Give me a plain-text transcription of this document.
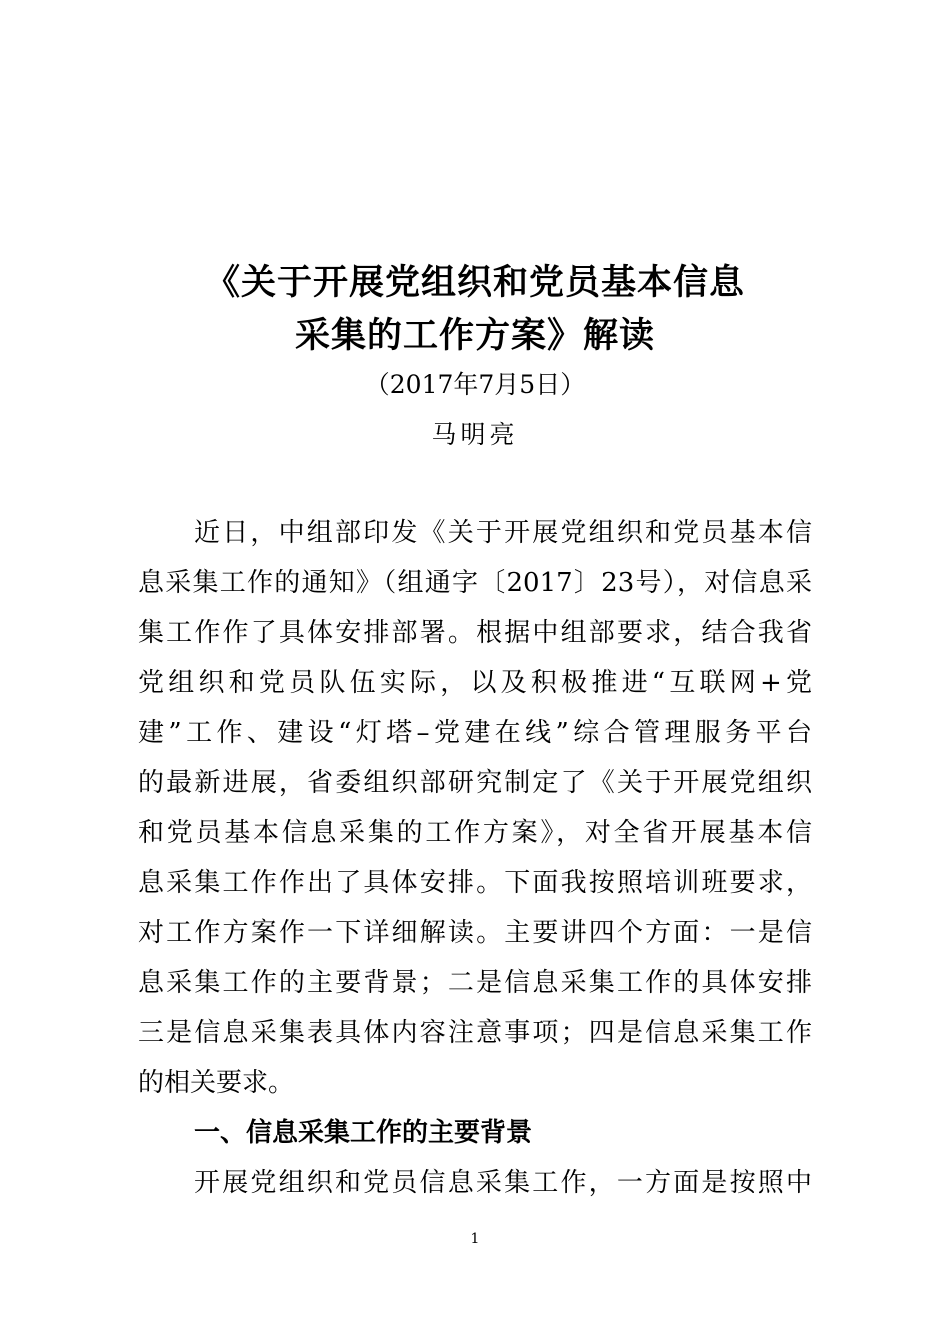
《关于开展党组织和党员基本信息
采集的工作方案》解读
（2017年7月5日）
马明亮
近日，中组部印发《关于开展党组织和党员基本信
息采集工作的通知》（组通字〔2017〕23号），对信息采
集工作作了具体安排部署。根据中组部要求，结合我省
党组织和党员队伍实际，以及积极推进“互联网+党
建”工作、建设“灯塔–党建在线”综合管理服务平台
的最新进展，省委组织部研究制定了《关于开展党组织
和党员基本信息采集的工作方案》，对全省开展基本信
息采集工作作出了具体安排。下面我按照培训班要求，
对工作方案作一下详细解读。主要讲四个方面：一是信
息采集工作的主要背景；二是信息采集工作的具体安排
三是信息采集表具体内容注意事项；四是信息采集工作
的相关要求。
一、信息采集工作的主要背景
开展党组织和党员信息采集工作，一方面是按照中
1
